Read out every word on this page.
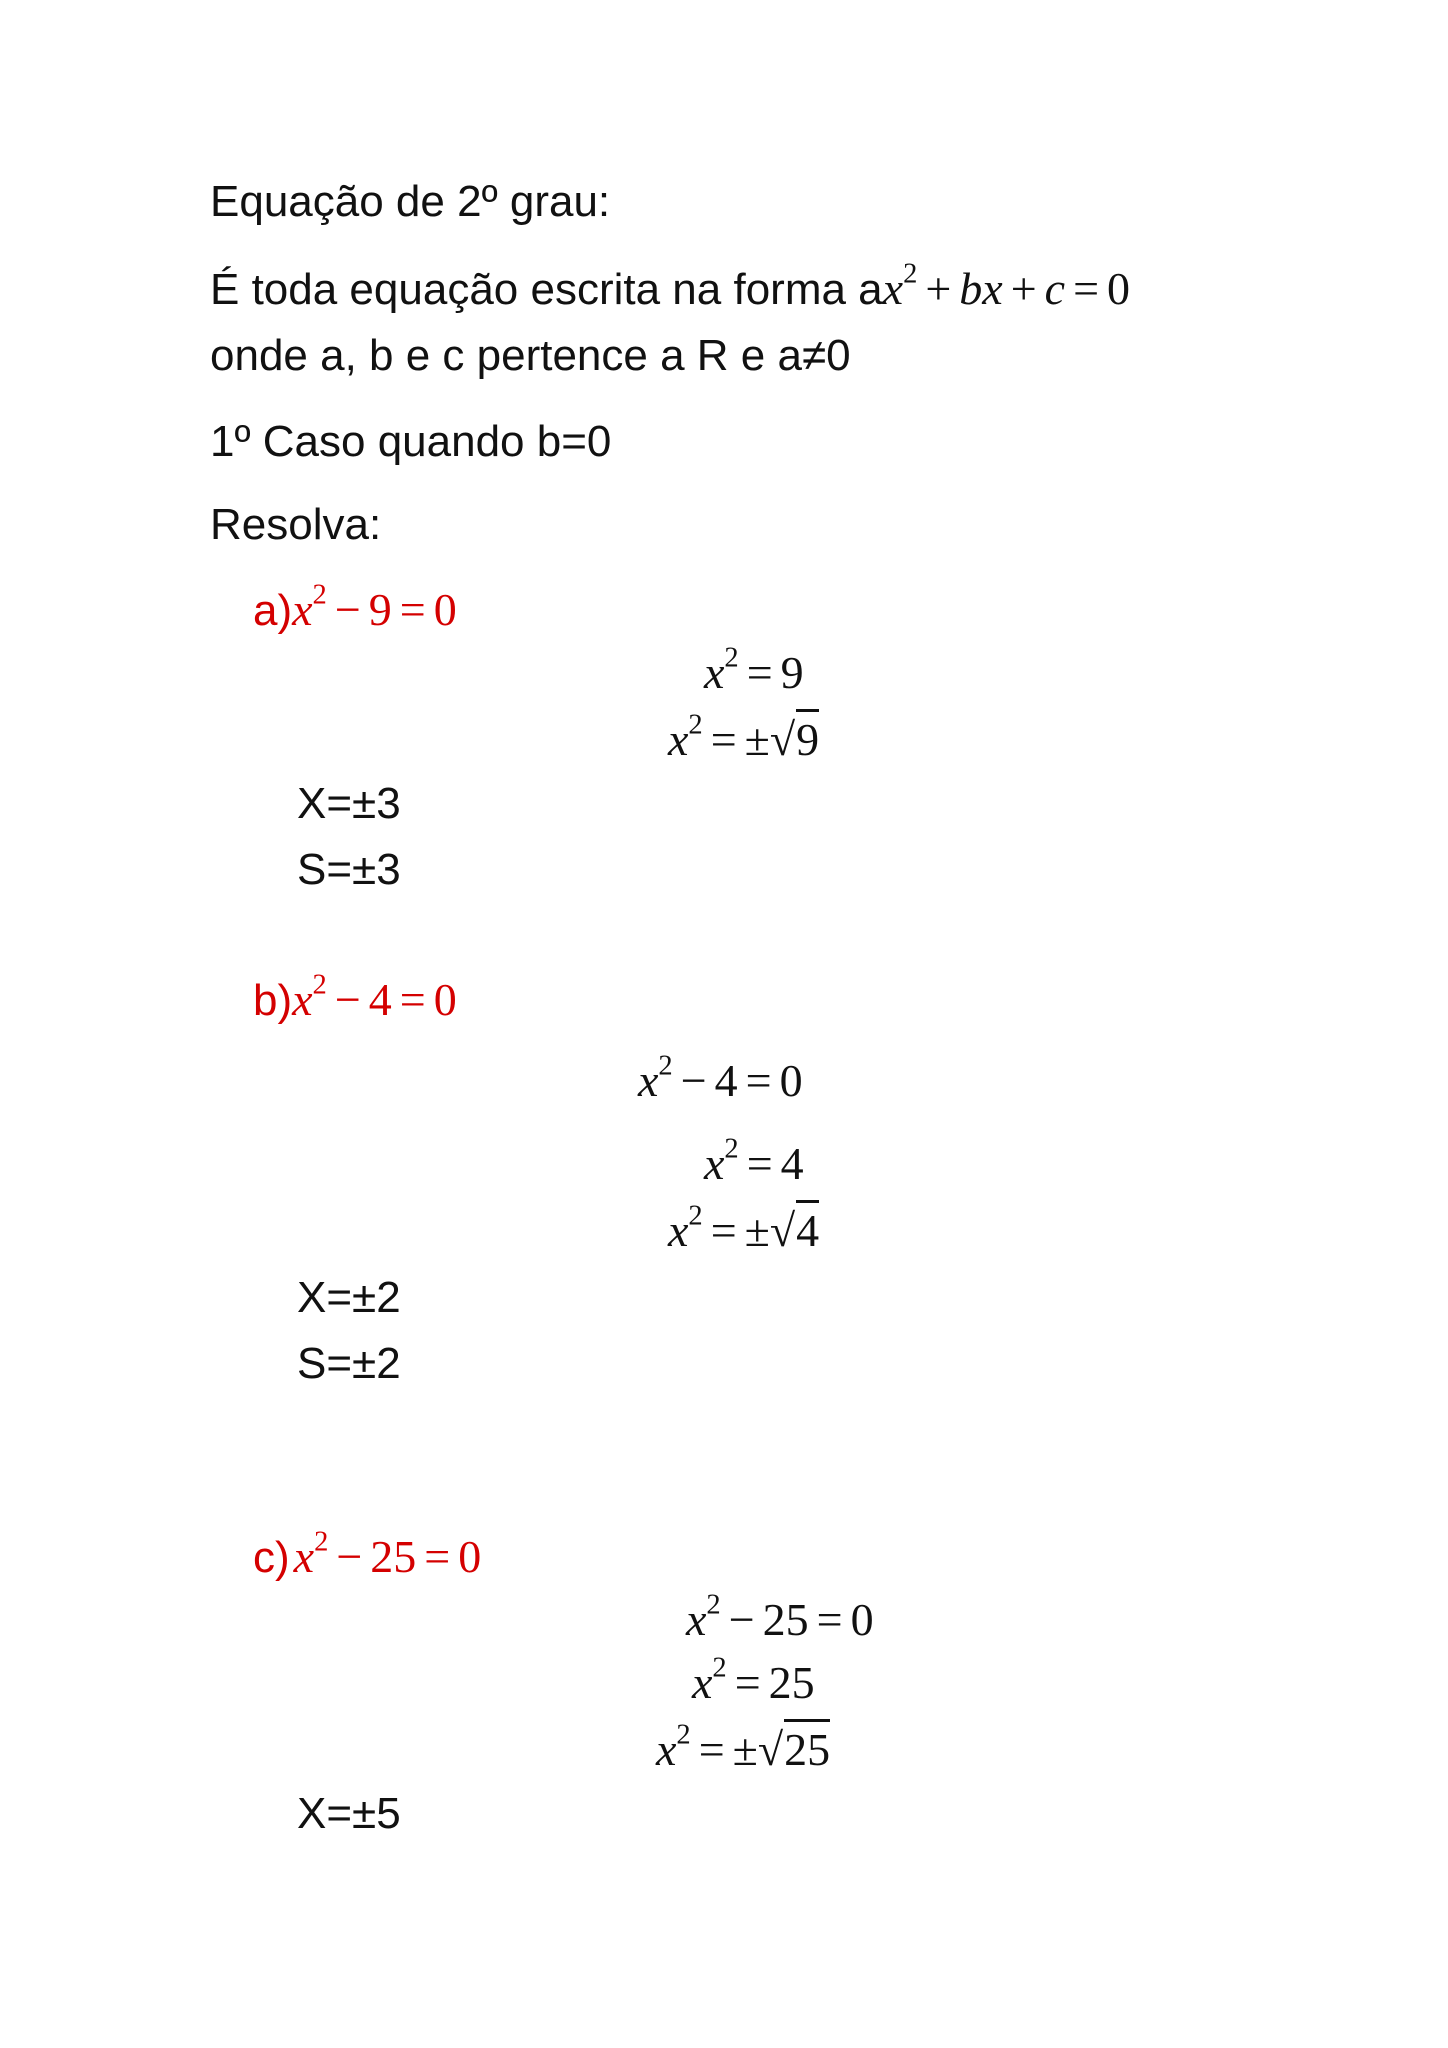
Equação de 2º grau:
É toda equação escrita na forma $ax^2$ + bx + c = 0
onde a, b e c pertence a R e a≠0
1º Caso quando b=0
Resolva:
$a)x^2 - 9 = 0$
$x^2 = 9$
$x^2 = \pm√9$
X=±3
S=±3
$b)x^2 - 4 = 0$
$x^2 - 4 = 0$
$x^2 = 4$
$x^2 = \pm√4$
X=±2
S=±2
$c)x^2 - 25 = 0$
$x^2 - 25 = 0$
$x^2 = 25$
$x^2 = \pm√25$
X=±5
